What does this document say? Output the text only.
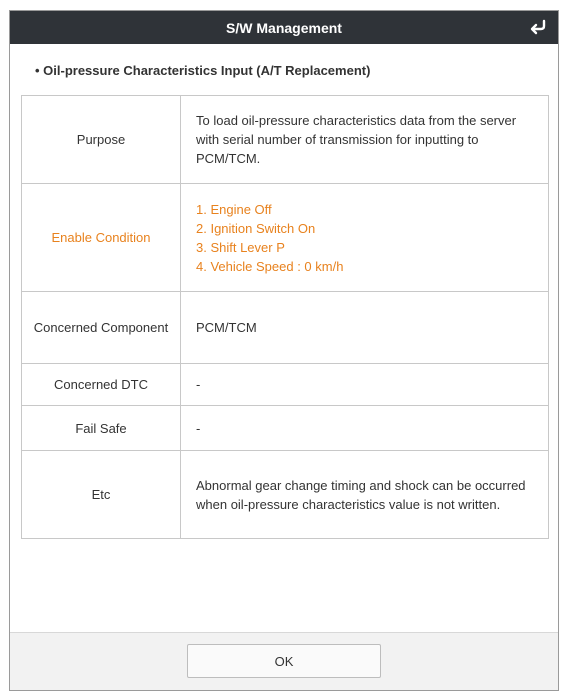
S/W Management
• Oil-pressure Characteristics Input (A/T Replacement)
Purpose	To load oil-pressure characteristics data from the server with serial number of transmission for inputting to PCM/TCM.
Enable Condition	1. Engine Off
2. Ignition Switch On
3. Shift Lever P
4. Vehicle Speed : 0 km/h

Concerned Component	PCM/TCM
Concerned DTC	-
Fail Safe	-
Etc	Abnormal gear change timing and shock can be occurred when oil-pressure characteristics value is not written.
OK
